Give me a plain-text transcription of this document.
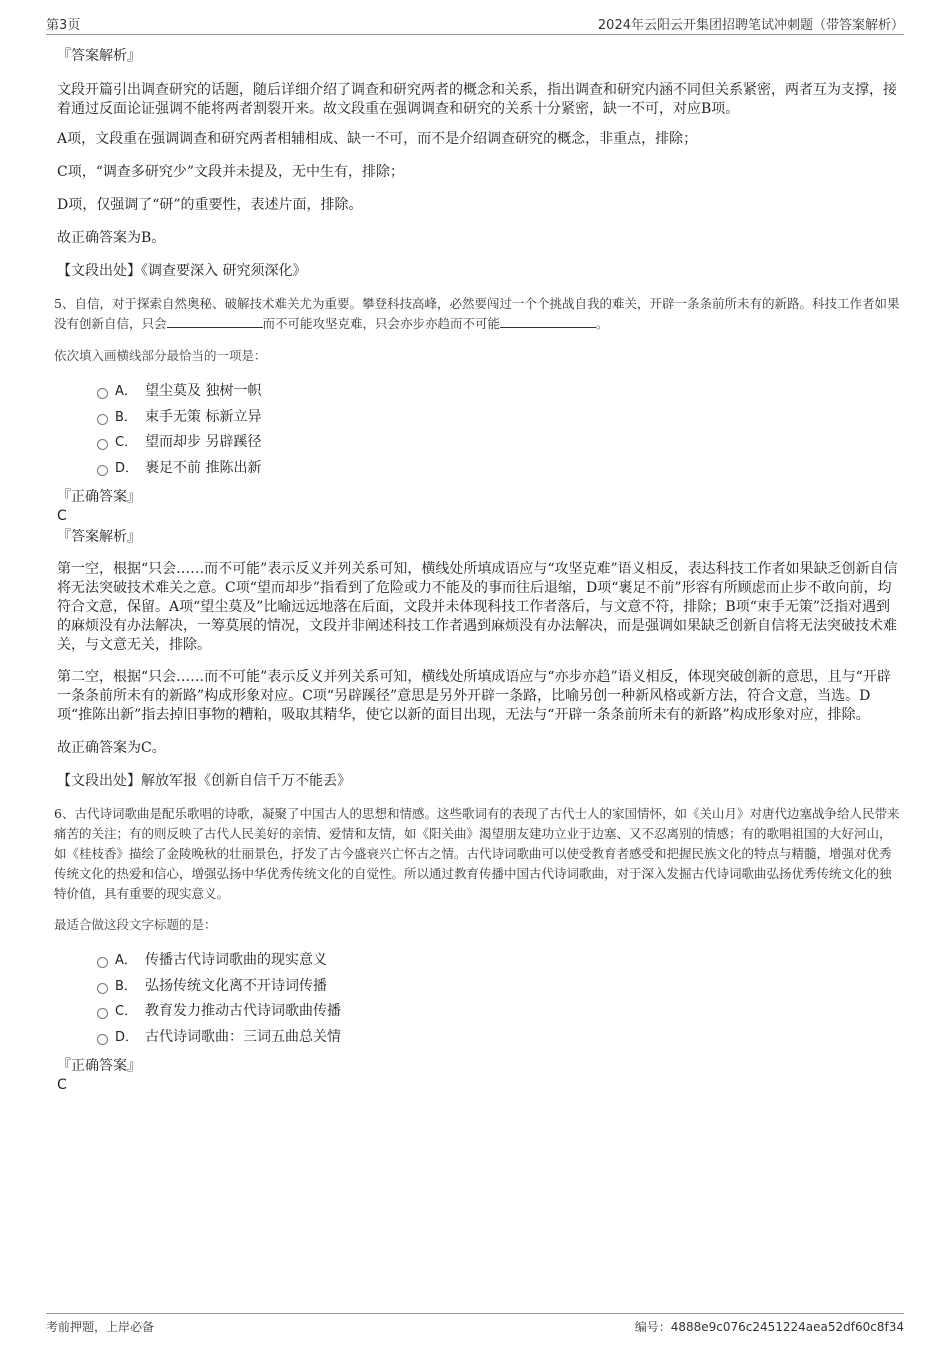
第3页	2024年云阳云开集团招聘笔试冲刺题（带答案解析）

『答案解析』

文段开篇引出调查研究的话题，随后详细介绍了调查和研究两者的概念和关系，指出调查和研究内涵不同但关系紧密，两者互为支撑，接着通过反面论证强调不能将两者割裂开来。故文段重在强调调查和研究的关系十分紧密，缺一不可，对应B项。

A项，文段重在强调调查和研究两者相辅相成、缺一不可，而不是介绍调查研究的概念，非重点，排除；

C项，“调查多研究少”文段并未提及，无中生有，排除；

D项，仅强调了“研”的重要性，表述片面，排除。

故正确答案为B。

【文段出处】《调查要深入 研究须深化》

5、自信，对于探索自然奥秘、破解技术难关尤为重要。攀登科技高峰，必然要闯过一个个挑战自我的难关，开辟一条条前所未有的新路。科技工作者如果没有创新自信，只会	而不可能攻坚克难，只会亦步亦趋而不可能	。

依次填入画横线部分最恰当的一项是：

A． 望尘莫及 独树一帜
B． 束手无策 标新立异
C． 望而却步 另辟蹊径
D． 裹足不前 推陈出新

『正确答案』

C

『答案解析』

第一空，根据“只会……而不可能”表示反义并列关系可知，横线处所填成语应与“攻坚克难”语义相反，表达科技工作者如果缺乏创新自信将无法突破技术难关之意。C项“望而却步”指看到了危险或力不能及的事而往后退缩，D项“裹足不前”形容有所顾虑而止步不敢向前，均符合文意，保留。A项“望尘莫及”比喻远远地落在后面，文段并未体现科技工作者落后，与文意不符，排除；B项“束手无策”泛指对遇到的麻烦没有办法解决，一筹莫展的情况，文段并非阐述科技工作者遇到麻烦没有办法解决，而是强调如果缺乏创新自信将无法突破技术难关，与文意无关，排除。

第二空，根据“只会……而不可能”表示反义并列关系可知，横线处所填成语应与“亦步亦趋”语义相反，体现突破创新的意思，且与“开辟一条条前所未有的新路”构成形象对应。C项“另辟蹊径”意思是另外开辟一条路，比喻另创一种新风格或新方法，符合文意，当选。D项“推陈出新”指去掉旧事物的糟粕，吸取其精华，使它以新的面目出现，无法与“开辟一条条前所未有的新路”构成形象对应，排除。

故正确答案为C。

【文段出处】解放军报《创新自信千万不能丢》

6、古代诗词歌曲是配乐歌唱的诗歌，凝聚了中国古人的思想和情感。这些歌词有的表现了古代士人的家国情怀，如《关山月》对唐代边塞战争给人民带来痛苦的关注；有的则反映了古代人民美好的亲情、爱情和友情，如《阳关曲》渴望朋友建功立业于边塞、又不忍离别的情感；有的歌唱祖国的大好河山，如《桂枝香》描绘了金陵晚秋的壮丽景色，抒发了古今盛衰兴亡怀古之情。古代诗词歌曲可以使受教育者感受和把握民族文化的特点与精髓，增强对优秀传统文化的热爱和信心，增强弘扬中华优秀传统文化的自觉性。所以通过教育传播中国古代诗词歌曲，对于深入发掘古代诗词歌曲弘扬优秀传统文化的独特价值，具有重要的现实意义。

最适合做这段文字标题的是：

A． 传播古代诗词歌曲的现实意义
B． 弘扬传统文化离不开诗词传播
C． 教育发力推动古代诗词歌曲传播
D． 古代诗词歌曲：三词五曲总关情

『正确答案』

C

考前押题，上岸必备	编号：4888e9c076c2451224aea52df60c8f34
